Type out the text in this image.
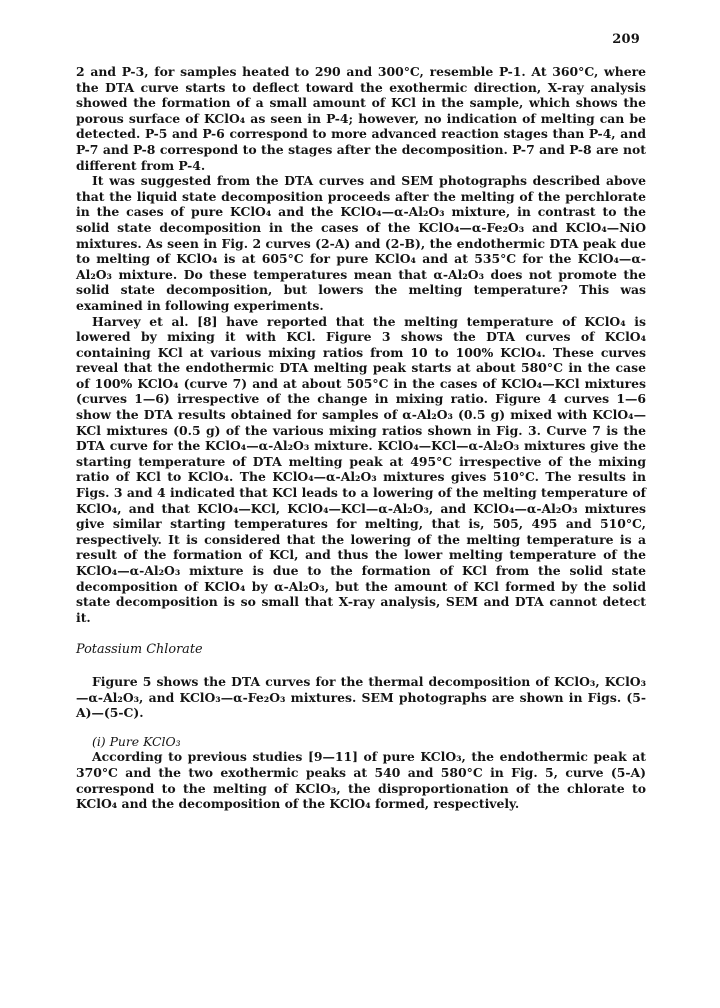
209

2 and P-3, for samples heated to 290 and 300°C, resemble P-1. At 360°C, where the DTA curve starts to deflect toward the exothermic direction, X-ray analysis showed the formation of a small amount of KCl in the sample, which shows the porous surface of KClO₄ as seen in P-4; however, no indication of melting can be detected. P-5 and P-6 correspond to more advanced reaction stages than P-4, and P-7 and P-8 correspond to the stages after the decomposition. P-7 and P-8 are not different from P-4.

It was suggested from the DTA curves and SEM photographs described above that the liquid state decomposition proceeds after the melting of the perchlorate in the cases of pure KClO₄ and the KClO₄—α-Al₂O₃ mixture, in contrast to the solid state decomposition in the cases of the KClO₄—α-Fe₂O₃ and KClO₄—NiO mixtures. As seen in Fig. 2 curves (2-A) and (2-B), the endothermic DTA peak due to melting of KClO₄ is at 605°C for pure KClO₄ and at 535°C for the KClO₄—α-Al₂O₃ mixture. Do these temperatures mean that α-Al₂O₃ does not promote the solid state decomposition, but lowers the melting temperature? This was examined in following experiments.

Harvey et al. [8] have reported that the melting temperature of KClO₄ is lowered by mixing it with KCl. Figure 3 shows the DTA curves of KClO₄ containing KCl at various mixing ratios from 10 to 100% KClO₄. These curves reveal that the endothermic DTA melting peak starts at about 580°C in the case of 100% KClO₄ (curve 7) and at about 505°C in the cases of KClO₄—KCl mixtures (curves 1—6) irrespective of the change in mixing ratio. Figure 4 curves 1—6 show the DTA results obtained for samples of α-Al₂O₃ (0.5 g) mixed with KClO₄—KCl mixtures (0.5 g) of the various mixing ratios shown in Fig. 3. Curve 7 is the DTA curve for the KClO₄—α-Al₂O₃ mixture. KClO₄—KCl—α-Al₂O₃ mixtures give the starting temperature of DTA melting peak at 495°C irrespective of the mixing ratio of KCl to KClO₄. The KClO₄—α-Al₂O₃ mixtures gives 510°C. The results in Figs. 3 and 4 indicated that KCl leads to a lowering of the melting temperature of KClO₄, and that KClO₄—KCl, KClO₄—KCl—α-Al₂O₃, and KClO₄—α-Al₂O₃ mixtures give similar starting temperatures for melting, that is, 505, 495 and 510°C, respectively. It is considered that the lowering of the melting temperature is a result of the formation of KCl, and thus the lower melting temperature of the KClO₄—α-Al₂O₃ mixture is due to the formation of KCl from the solid state decomposition of KClO₄ by α-Al₂O₃, but the amount of KCl formed by the solid state decomposition is so small that X-ray analysis, SEM and DTA cannot detect it.

Potassium Chlorate

Figure 5 shows the DTA curves for the thermal decomposition of KClO₃, KClO₃—α-Al₂O₃, and KClO₃—α-Fe₂O₃ mixtures. SEM photographs are shown in Figs. (5-A)—(5-C).

(i) Pure KClO₃

According to previous studies [9—11] of pure KClO₃, the endothermic peak at 370°C and the two exothermic peaks at 540 and 580°C in Fig. 5, curve (5-A) correspond to the melting of KClO₃, the disproportionation of the chlorate to KClO₄ and the decomposition of the KClO₄ formed, respectively.
